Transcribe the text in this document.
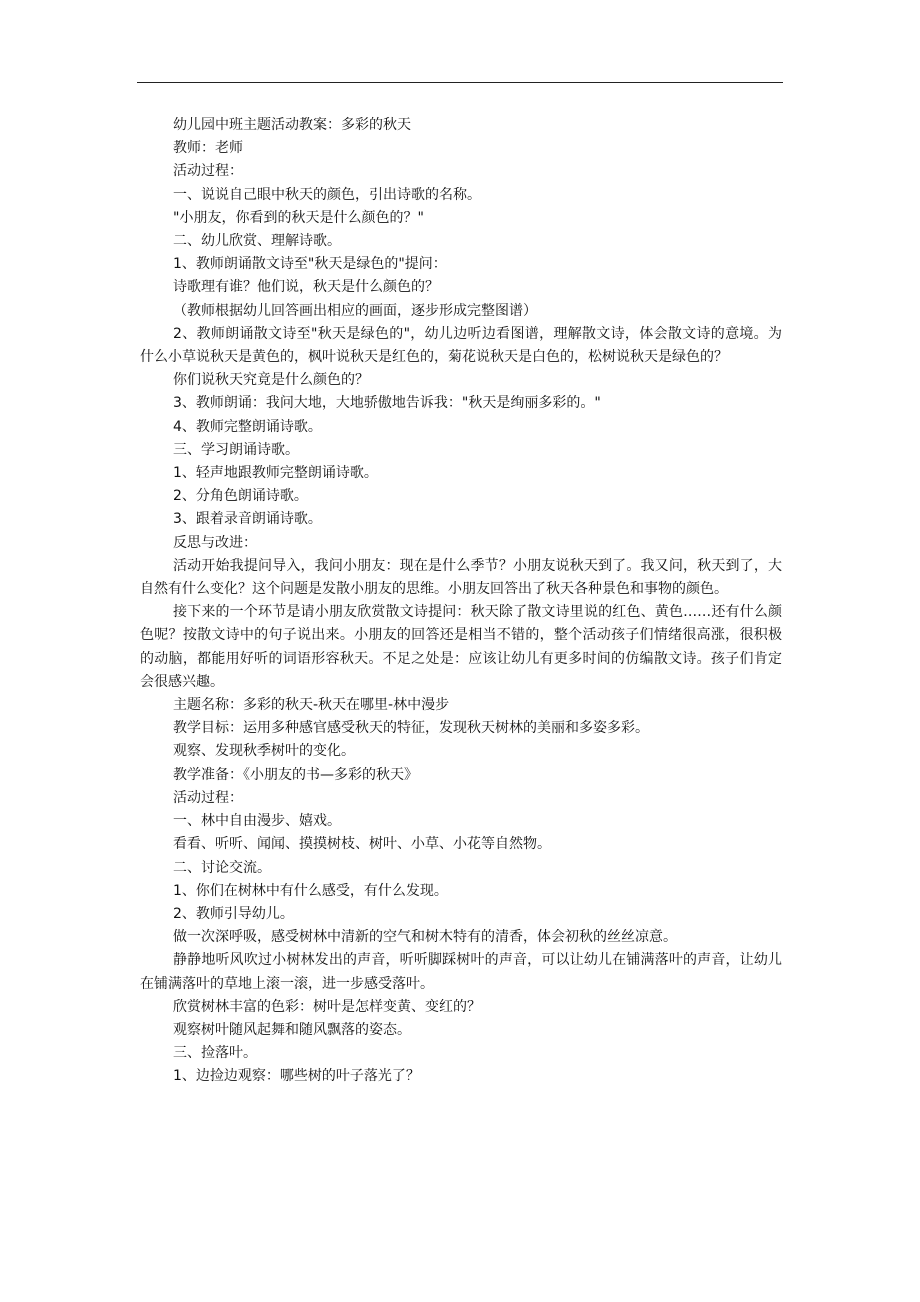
幼儿园中班主题活动教案：多彩的秋天

教师：老师

活动过程：

一、说说自己眼中秋天的颜色，引出诗歌的名称。

"小朋友，你看到的秋天是什么颜色的？"

二、幼儿欣赏、理解诗歌。

1、教师朗诵散文诗至"秋天是绿色的"提问：

诗歌理有谁？他们说，秋天是什么颜色的？

（教师根据幼儿回答画出相应的画面，逐步形成完整图谱）

2、教师朗诵散文诗至"秋天是绿色的"，幼儿边听边看图谱，理解散文诗，体会散文诗的意境。为什么小草说秋天是黄色的，枫叶说秋天是红色的，菊花说秋天是白色的，松树说秋天是绿色的？

你们说秋天究竟是什么颜色的？

3、教师朗诵：我问大地，大地骄傲地告诉我："秋天是绚丽多彩的。"

4、教师完整朗诵诗歌。

三、学习朗诵诗歌。

1、轻声地跟教师完整朗诵诗歌。

2、分角色朗诵诗歌。

3、跟着录音朗诵诗歌。

反思与改进：

活动开始我提问导入，我问小朋友：现在是什么季节？小朋友说秋天到了。我又问，秋天到了，大自然有什么变化？这个问题是发散小朋友的思维。小朋友回答出了秋天各种景色和事物的颜色。

接下来的一个环节是请小朋友欣赏散文诗提问：秋天除了散文诗里说的红色、黄色……还有什么颜色呢？按散文诗中的句子说出来。小朋友的回答还是相当不错的，整个活动孩子们情绪很高涨，很积极的动脑，都能用好听的词语形容秋天。不足之处是：应该让幼儿有更多时间的仿编散文诗。孩子们肯定会很感兴趣。

主题名称：多彩的秋天-秋天在哪里-林中漫步

教学目标：运用多种感官感受秋天的特征，发现秋天树林的美丽和多姿多彩。

观察、发现秋季树叶的变化。

教学准备：《小朋友的书—多彩的秋天》

活动过程：

一、林中自由漫步、嬉戏。

看看、听听、闻闻、摸摸树枝、树叶、小草、小花等自然物。

二、讨论交流。

1、你们在树林中有什么感受，有什么发现。

2、教师引导幼儿。

做一次深呼吸，感受树林中清新的空气和树木特有的清香，体会初秋的丝丝凉意。

静静地听风吹过小树林发出的声音，听听脚踩树叶的声音，可以让幼儿在铺满落叶的声音，让幼儿在铺满落叶的草地上滚一滚，进一步感受落叶。

欣赏树林丰富的色彩：树叶是怎样变黄、变红的？

观察树叶随风起舞和随风飘落的姿态。

三、捡落叶。

1、边捡边观察：哪些树的叶子落光了？
